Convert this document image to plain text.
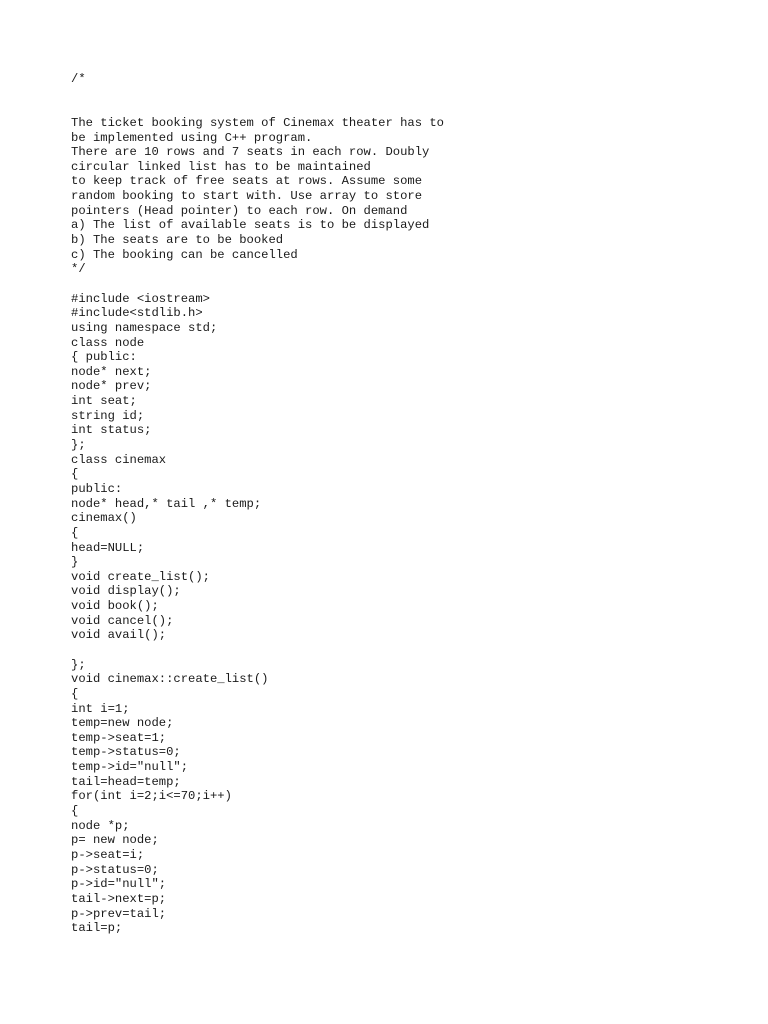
/*
The ticket booking system of Cinemax theater has to
be implemented using C++ program.
There are 10 rows and 7 seats in each row. Doubly
circular linked list has to be maintained
to keep track of free seats at rows. Assume some
random booking to start with. Use array to store
pointers (Head pointer) to each row. On demand
a) The list of available seats is to be displayed
b) The seats are to be booked
c) The booking can be cancelled
*/
#include <iostream>
#include<stdlib.h>
using namespace std;
class node
{ public:
node* next;
node* prev;
int seat;
string id;
int status;
};
class cinemax
{
public:
node* head,* tail ,* temp;
cinemax()
{
head=NULL;
}
void create_list();
void display();
void book();
void cancel();
void avail();
};
void cinemax::create_list()
{
int i=1;
temp=new node;
temp->seat=1;
temp->status=0;
temp->id="null";
tail=head=temp;
for(int i=2;i<=70;i++)
{
node *p;
p= new node;
p->seat=i;
p->status=0;
p->id="null";
tail->next=p;
p->prev=tail;
tail=p;
